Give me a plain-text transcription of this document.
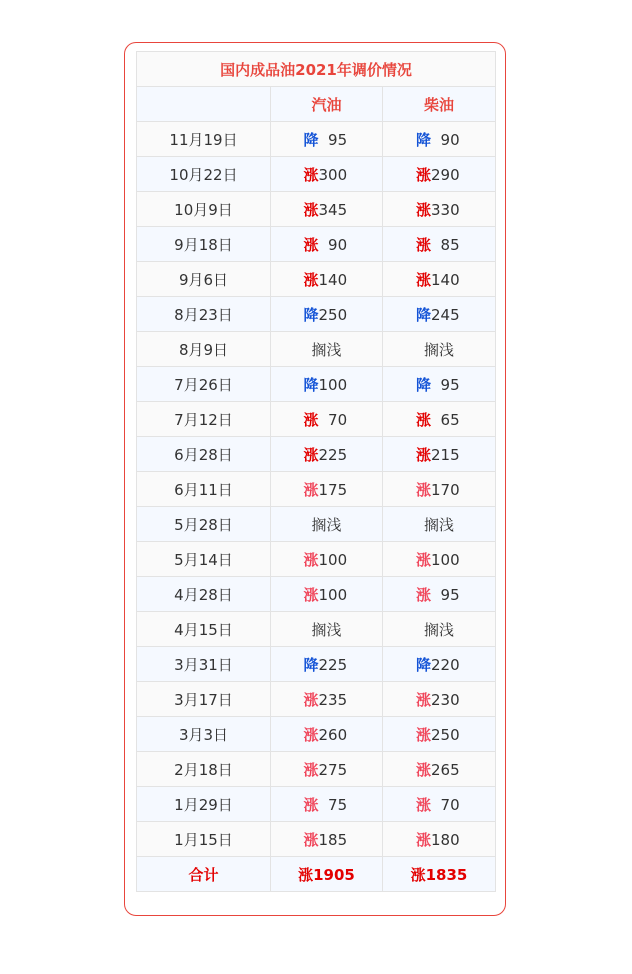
国内成品油2021年调价情况		
	汽油	柴油
11月19日	降  95	降  90
10月22日	涨300	涨290
10月9日	涨345	涨330
9月18日	涨  90	涨  85
9月6日	涨140	涨140
8月23日	降250	降245
8月9日	搁浅	搁浅
7月26日	降100	降  95
7月12日	涨  70	涨  65
6月28日	涨225	涨215
6月11日	涨175	涨170
5月28日	搁浅	搁浅
5月14日	涨100	涨100
4月28日	涨100	涨  95
4月15日	搁浅	搁浅
3月31日	降225	降220
3月17日	涨235	涨230
3月3日	涨260	涨250
2月18日	涨275	涨265
1月29日	涨  75	涨  70
1月15日	涨185	涨180
合计	涨1905	涨1835
